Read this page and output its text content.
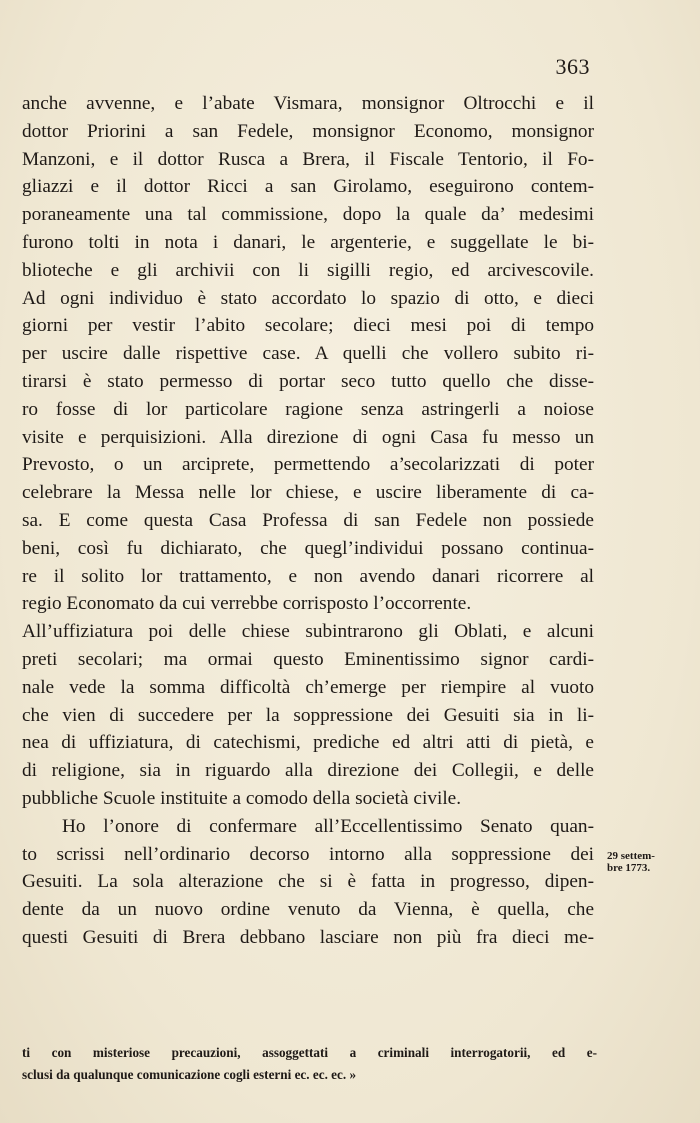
363
anche avvenne, e l’abate Vismara, monsignor Oltrocchi e il
dottor Priorini a san Fedele, monsignor Economo, monsignor
Manzoni, e il dottor Rusca a Brera, il Fiscale Tentorio, il Fo-
gliazzi e il dottor Ricci a san Girolamo, eseguirono contem-
poraneamente una tal commissione, dopo la quale da’ medesimi
furono tolti in nota i danari, le argenterie, e suggellate le bi-
blioteche e gli archivii con li sigilli regio, ed arcivescovile.
Ad ogni individuo è stato accordato lo spazio di otto, e dieci
giorni per vestir l’abito secolare; dieci mesi poi di tempo
per uscire dalle rispettive case. A quelli che vollero subito ri-
tirarsi è stato permesso di portar seco tutto quello che disse-
ro fosse di lor particolare ragione senza astringerli a noiose
visite e perquisizioni. Alla direzione di ogni Casa fu messo un
Prevosto, o un arciprete, permettendo a’secolarizzati di poter
celebrare la Messa nelle lor chiese, e uscire liberamente di ca-
sa. E come questa Casa Professa di san Fedele non possiede
beni, così fu dichiarato, che quegl’individui possano continua-
re il solito lor trattamento, e non avendo danari ricorrere al
regio Economato da cui verrebbe corrisposto l’occorrente.
All’uffiziatura poi delle chiese subintrarono gli Oblati, e alcuni
preti secolari; ma ormai questo Eminentissimo signor cardi-
nale vede la somma difficoltà ch’emerge per riempire al vuoto
che vien di succedere per la soppressione dei Gesuiti sia in li-
nea di uffiziatura, di catechismi, prediche ed altri atti di pietà, e
di religione, sia in riguardo alla direzione dei Collegii, e delle
pubbliche Scuole instituite a comodo della società civile.
Ho l’onore di confermare all’Eccellentissimo Senato quan-
to scrissi nell’ordinario decorso intorno alla soppressione dei
Gesuiti. La sola alterazione che si è fatta in progresso, dipen-
dente da un nuovo ordine venuto da Vienna, è quella, che
questi Gesuiti di Brera debbano lasciare non più fra dieci me-
29 settem-
bre 1773.
ti con misteriose precauzioni, assoggettati a criminali interrogatorii, ed e-
sclusi da qualunque comunicazione cogli esterni ec. ec. ec. »
